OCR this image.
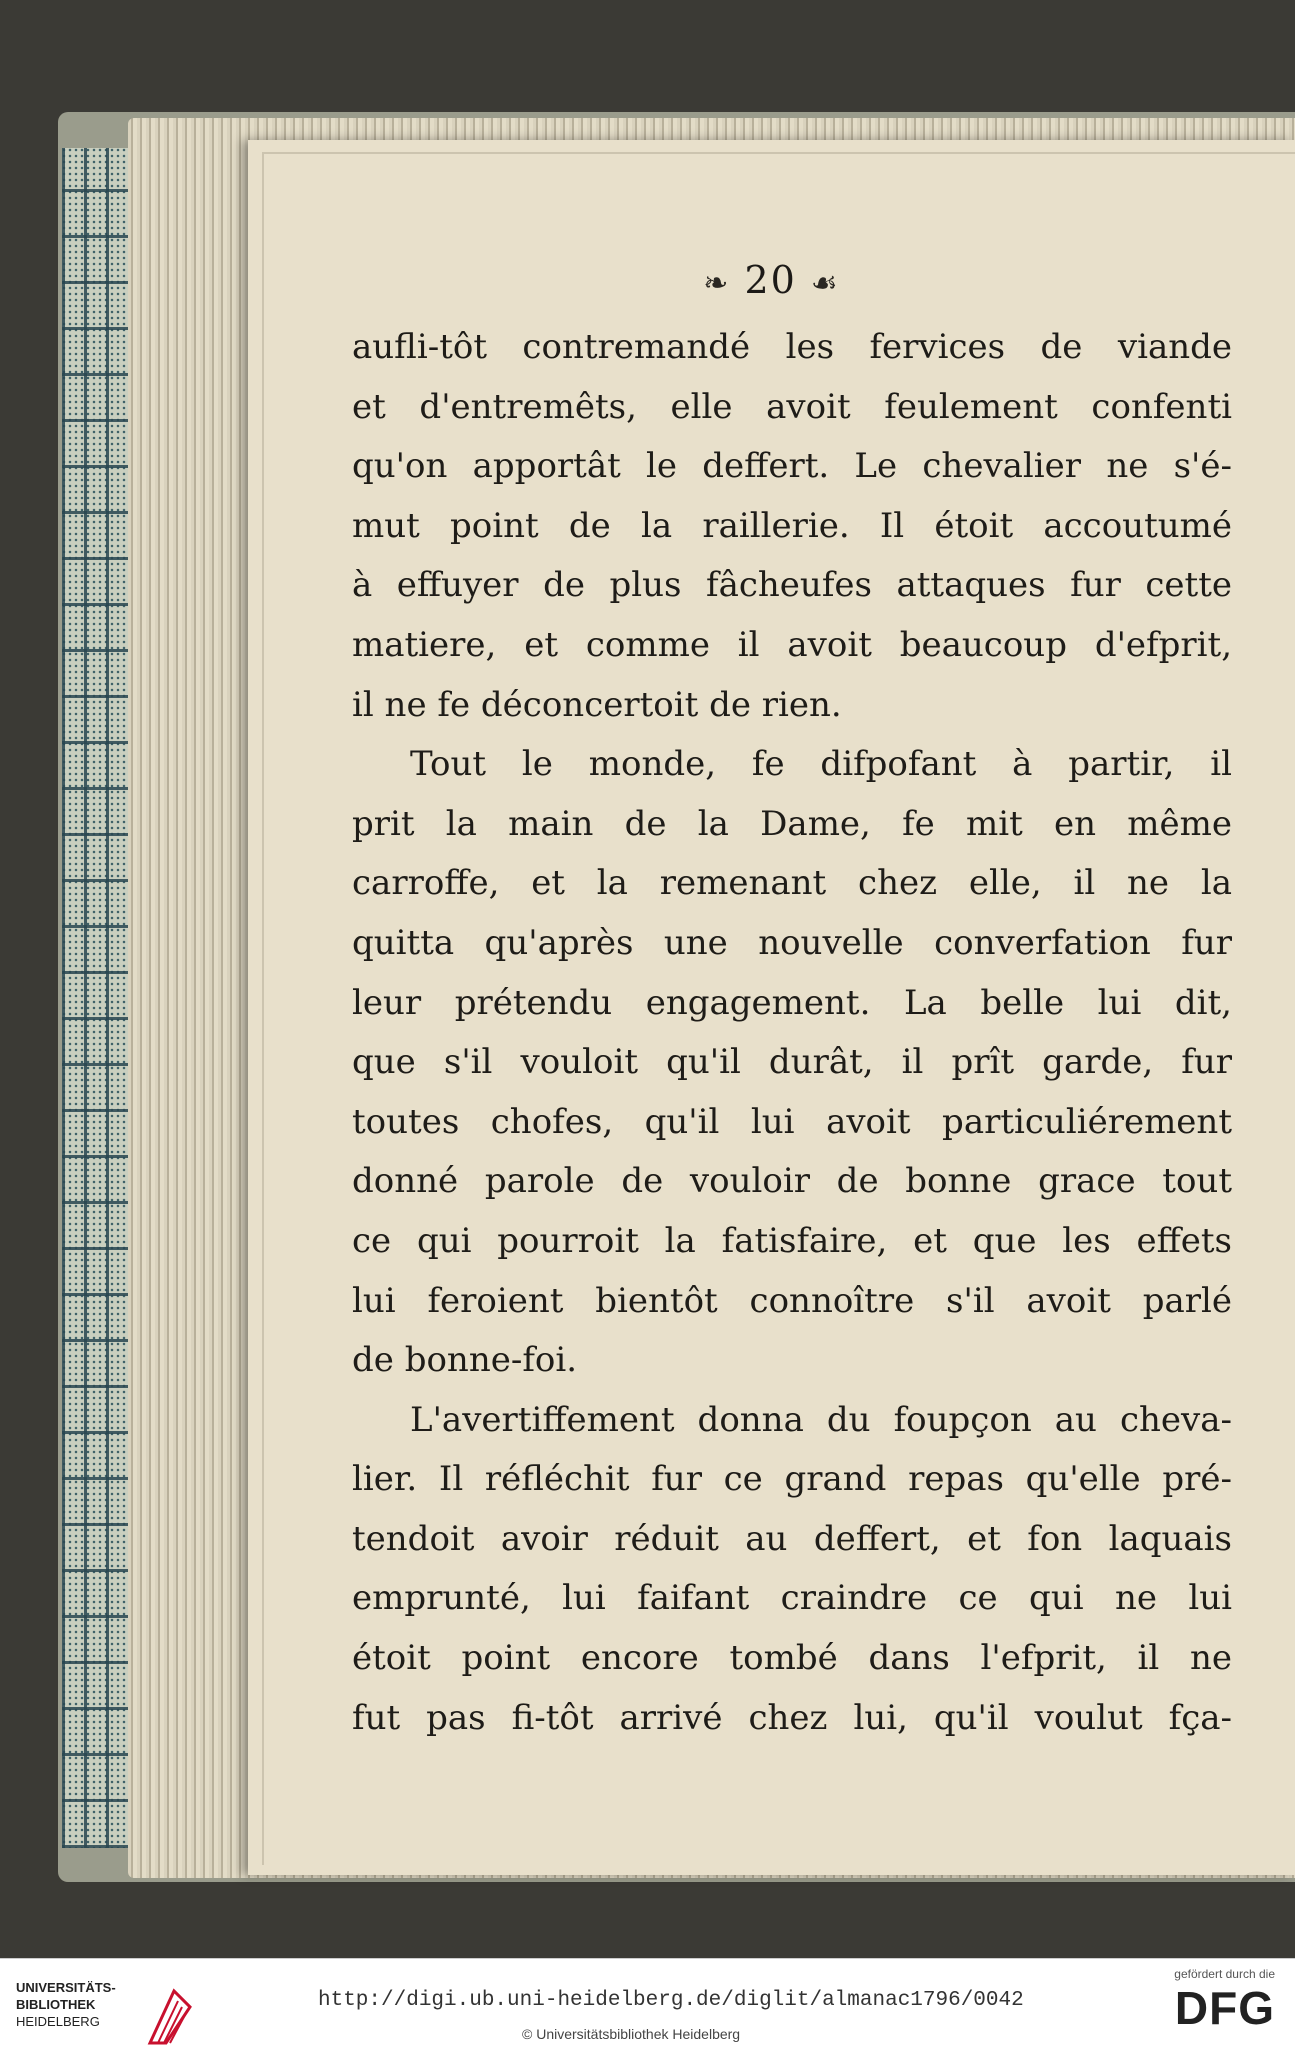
❧ 20 ☙
aufli-tôt contremandé les fervices de viande
et d'entremêts, elle avoit feulement confenti
qu'on apportât le deffert. Le chevalier ne s'é-
mut point de la raillerie. Il étoit accoutumé
à effuyer de plus fâcheufes attaques fur cette
matiere, et comme il avoit beaucoup d'efprit,
il ne fe déconcertoit de rien.
Tout le monde, fe difpofant à partir, il
prit la main de la Dame, fe mit en même
carroffe, et la remenant chez elle, il ne la
quitta qu'après une nouvelle converfation fur
leur prétendu engagement. La belle lui dit,
que s'il vouloit qu'il durât, il prît garde, fur
toutes chofes, qu'il lui avoit particuliérement
donné parole de vouloir de bonne grace tout
ce qui pourroit la fatisfaire, et que les effets
lui feroient bientôt connoître s'il avoit parlé
de bonne-foi.
L'avertiffement donna du foupçon au cheva-
lier. Il réfléchit fur ce grand repas qu'elle pré-
tendoit avoir réduit au deffert, et fon laquais
emprunté, lui faifant craindre ce qui ne lui
étoit point encore tombé dans l'efprit, il ne
fut pas fi-tôt arrivé chez lui, qu'il voulut fça-
UNIVERSITÄTS-
BIBLIOTHEK
HEIDELBERG
http://digi.ub.uni-heidelberg.de/diglit/almanac1796/0042
© Universitätsbibliothek Heidelberg
gefördert durch die
DFG
